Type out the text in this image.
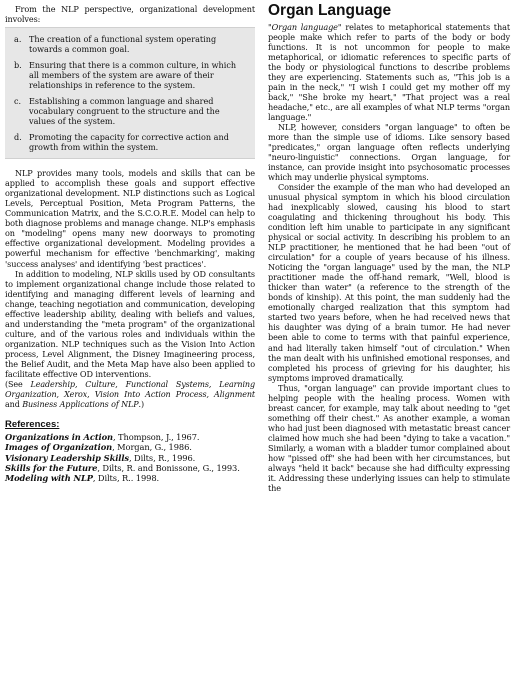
From the NLP perspective, organizational development involves:

a. The creation of a functional system operating towards a common goal.
b. Ensuring that there is a common culture, in which all members of the system are aware of their relationships in reference to the system.
c. Establishing a common language and shared vocabulary congruent to the structure and the values of the system.
d. Promoting the capacity for corrective action and growth from within the system.

NLP provides many tools, models and skills that can be applied to accomplish these goals and support effective organizational development. NLP distinctions such as Logical Levels, Perceptual Position, Meta Program Patterns, the Communication Matrix, and the S.C.O.R.E. Model can help to both diagnose problems and manage change. NLP's emphasis on "modeling" opens many new doorways to promoting effective organizational development. Modeling provides a powerful mechanism for effective 'benchmarking', making 'success analyses' and identifying 'best practices'.

In addition to modeling, NLP skills used by OD consultants to implement organizational change include those related to identifying and managing different levels of learning and change, teaching negotiation and communication, developing effective leadership ability, dealing with beliefs and values, and understanding the "meta program" of the organizational culture, and of the various roles and individuals within the organization. NLP techniques such as the Vision Into Action process, Level Alignment, the Disney Imagineering process, the Belief Audit, and the Meta Map have also been applied to facilitate effective OD interventions.

(See Leadership, Culture, Functional Systems, Learning Organization, Xerox, Vision Into Action Process, Alignment and Business Applications of NLP.)

References:

Organizations in Action, Thompson, J., 1967.

Images of Organization, Morgan, G., 1986.

Visionary Leadership Skills, Dilts, R., 1996.

Skills for the Future, Dilts, R. and Bonissone, G., 1993.

Modeling with NLP, Dilts, R.. 1998.

Organ Language

"Organ language" relates to metaphorical statements that people make which refer to parts of the body or body functions. It is not uncommon for people to make metaphorical, or idiomatic references to specific parts of the body or physiological functions to describe problems they are experiencing. Statements such as, "This job is a pain in the neck," "I wish I could get my mother off my back," "She broke my heart," "That project was a real headache," etc., are all examples of what NLP terms "organ language."

NLP, however, considers "organ language" to often be more than the simple use of idioms. Like sensory based "predicates," organ language often reflects underlying "neuro-linguistic" connections. Organ language, for instance, can provide insight into psychosomatic processes which may underlie physical symptoms.

Consider the example of the man who had developed an unusual physical symptom in which his blood circulation had inexplicably slowed, causing his blood to start coagulating and thickening throughout his body. This condition left him unable to participate in any significant physical or social activity. In describing his problem to an NLP practitioner, he mentioned that he had been "out of circulation" for a couple of years because of his illness. Noticing the "organ language" used by the man, the NLP practitioner made the off-hand remark, "Well, blood is thicker than water" (a reference to the strength of the bonds of kinship). At this point, the man suddenly had the emotionally charged realization that this symptom had started two years before, when he had received news that his daughter was dying of a brain tumor. He had never been able to come to terms with that painful experience, and had literally taken himself "out of circulation." When the man dealt with his unfinished emotional responses, and completed his process of grieving for his daughter, his symptoms improved dramatically.

Thus, "organ language" can provide important clues to helping people with the healing process. Women with breast cancer, for example, may talk about needing to "get something off their chest." As another example, a woman who had just been diagnosed with metastatic breast cancer claimed how much she had been "dying to take a vacation." Similarly, a woman with a bladder tumor complained about how "pissed off" she had been with her circumstances, but always "held it back" because she had difficulty expressing it. Addressing these underlying issues can help to stimulate the
